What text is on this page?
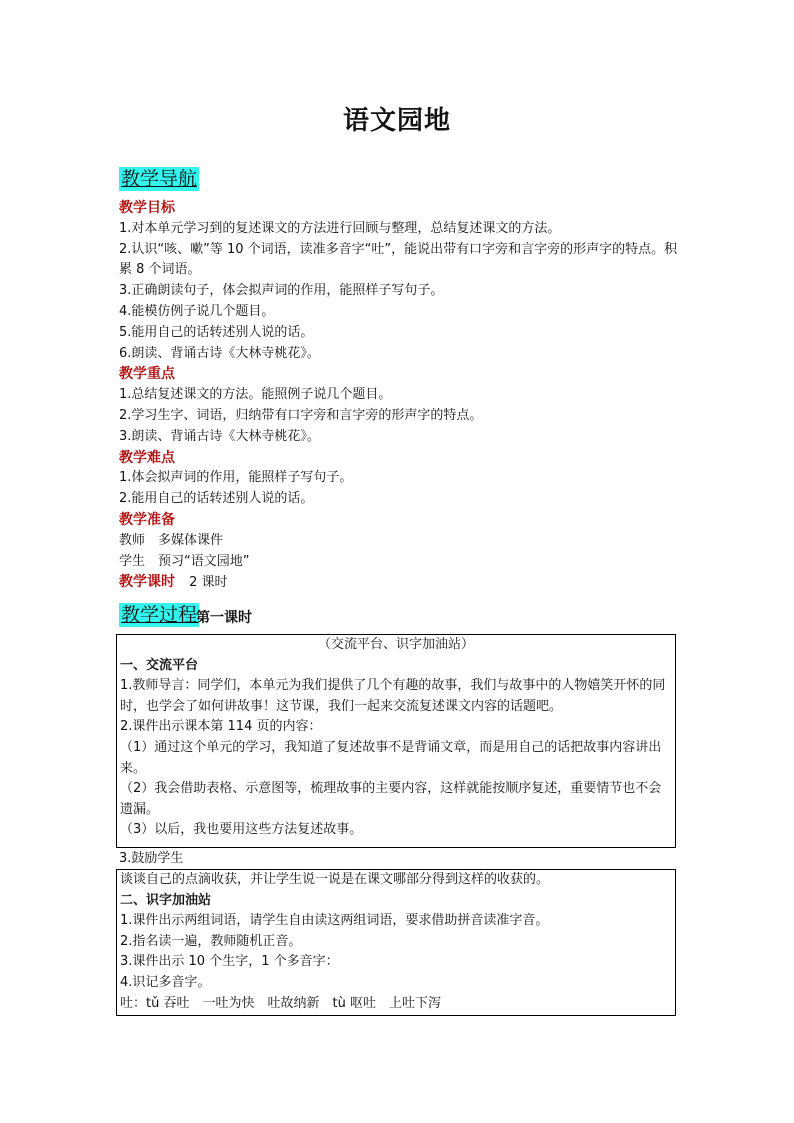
语文园地
教学导航
教学目标
1.对本单元学习到的复述课文的方法进行回顾与整理，总结复述课文的方法。
2.认识“咳、嗽”等 10 个词语，读准多音字“吐”，能说出带有口字旁和言字旁的形声字的特点。积累 8 个词语。
3.正确朗读句子，体会拟声词的作用，能照样子写句子。
4.能模仿例子说几个题目。
5.能用自己的话转述别人说的话。
6.朗读、背诵古诗《大林寺桃花》。
教学重点
1.总结复述课文的方法。能照例子说几个题目。
2.学习生字、词语，归纳带有口字旁和言字旁的形声字的特点。
3.朗读、背诵古诗《大林寺桃花》。
教学难点
1.体会拟声词的作用，能照样子写句子。
2.能用自己的话转述别人说的话。
教学准备
教师　多媒体课件
学生　预习“语文园地”
教学课时 2 课时
教学过程
第一课时
（交流平台、识字加油站）
一、交流平台
1.教师导言：同学们，本单元为我们提供了几个有趣的故事，我们与故事中的人物嬉笑开怀的同时，也学会了如何讲故事！这节课，我们一起来交流复述课文内容的话题吧。
2.课件出示课本第 114 页的内容：
（1）通过这个单元的学习，我知道了复述故事不是背诵文章，而是用自己的话把故事内容讲出来。
（2）我会借助表格、示意图等，梳理故事的主要内容，这样就能按顺序复述，重要情节也不会遗漏。
（3）以后，我也要用这些方法复述故事。
3.鼓励学生
谈谈自己的点滴收获，并让学生说一说是在课文哪部分得到这样的收获的。
二、识字加油站
1.课件出示两组词语，请学生自由读这两组词语，要求借助拼音读准字音。
2.指名读一遍，教师随机正音。
3.课件出示 10 个生字，1 个多音字：
4.识记多音字。
吐：tǔ 吞吐　一吐为快　吐故纳新　tù 呕吐　上吐下泻
